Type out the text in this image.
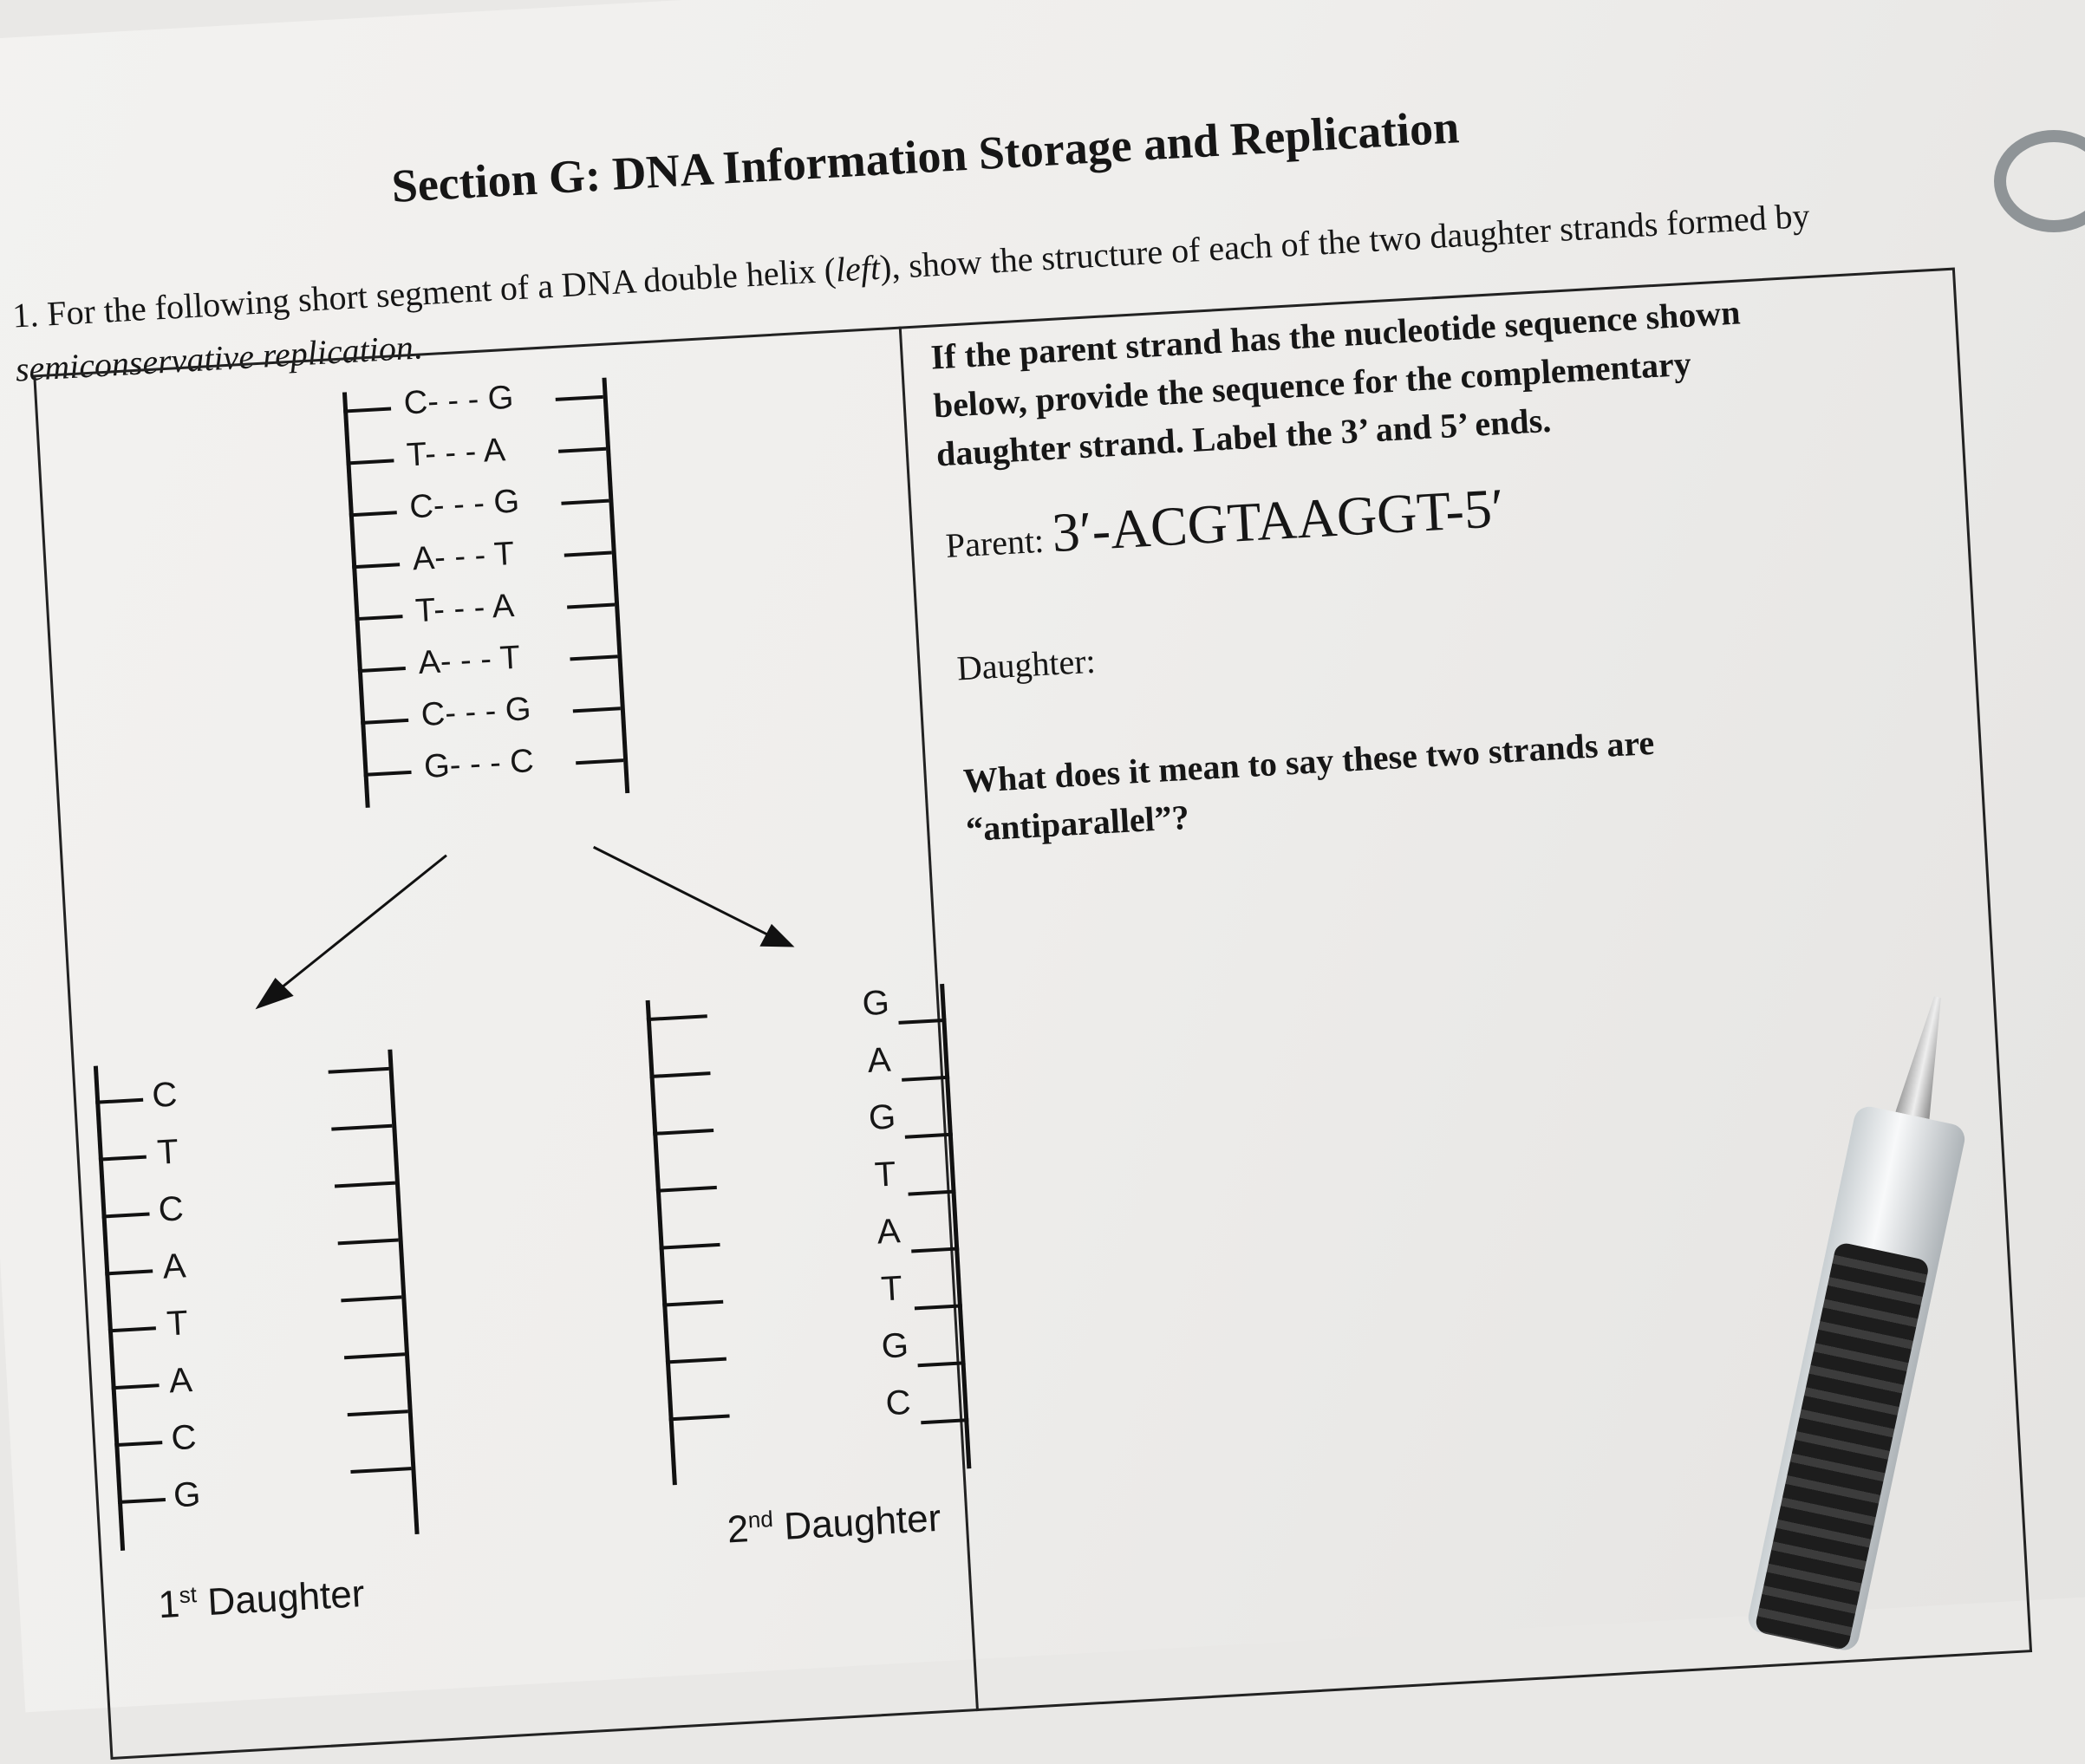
Section G: DNA Information Storage and Replication
1. For the following short segment of a DNA double helix (left), show the structure of each of the two daughter strands formed by semiconservative replication.
C- - - G
T- - - A
C- - - G
A- - - T
T- - - A
A- - - T
C- - - G
G- - - C
C
T
C
A
T
A
C
G
1st Daughter
G
A
G
T
A
T
G
C
2nd Daughter
If the parent strand has the nucleotide sequence shown below, provide the sequence for the complementary daughter strand. Label the 3’ and 5’ ends.
Parent: 3′-ACGTAAGGT-5′
Daughter:
What does it mean to say these two strands are “antiparallel”?
